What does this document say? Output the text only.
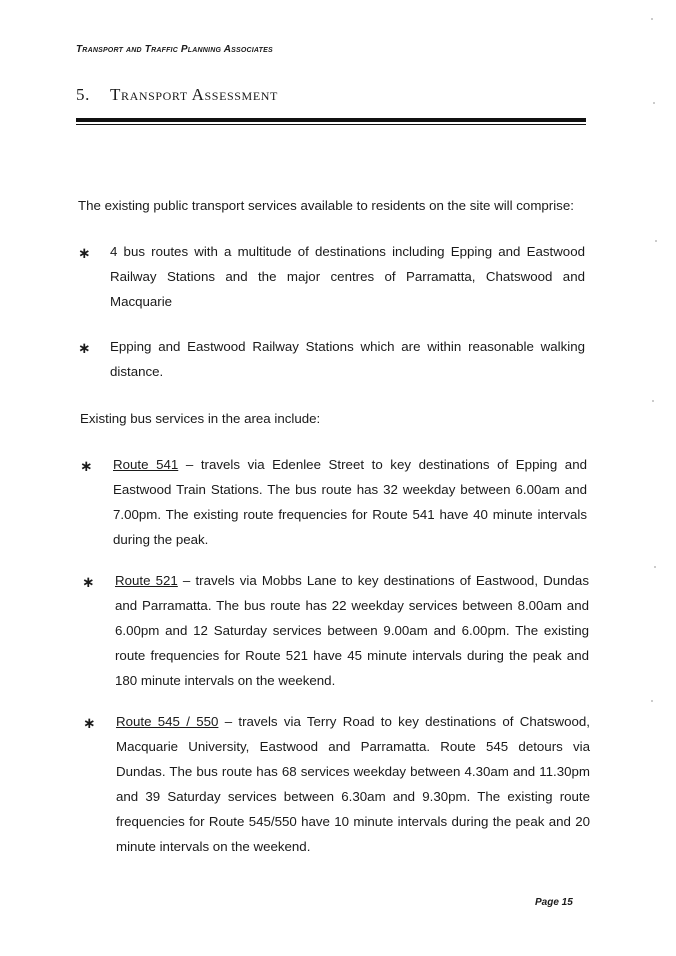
Transport and Traffic Planning Associates
5. Transport Assessment
The existing public transport services available to residents on the site will comprise:
∗ 4 bus routes with a multitude of destinations including Epping and Eastwood Railway Stations and the major centres of Parramatta, Chatswood and Macquarie
∗ Epping and Eastwood Railway Stations which are within reasonable walking distance.
Existing bus services in the area include:
∗ Route 541 – travels via Edenlee Street to key destinations of Epping and Eastwood Train Stations. The bus route has 32 weekday between 6.00am and 7.00pm. The existing route frequencies for Route 541 have 40 minute intervals during the peak.
∗ Route 521 – travels via Mobbs Lane to key destinations of Eastwood, Dundas and Parramatta. The bus route has 22 weekday services between 8.00am and 6.00pm and 12 Saturday services between 9.00am and 6.00pm. The existing route frequencies for Route 521 have 45 minute intervals during the peak and 180 minute intervals on the weekend.
∗ Route 545 / 550 – travels via Terry Road to key destinations of Chatswood, Macquarie University, Eastwood and Parramatta. Route 545 detours via Dundas. The bus route has 68 services weekday between 4.30am and 11.30pm and 39 Saturday services between 6.30am and 9.30pm. The existing route frequencies for Route 545/550 have 10 minute intervals during the peak and 20 minute intervals on the weekend.
Page 15
